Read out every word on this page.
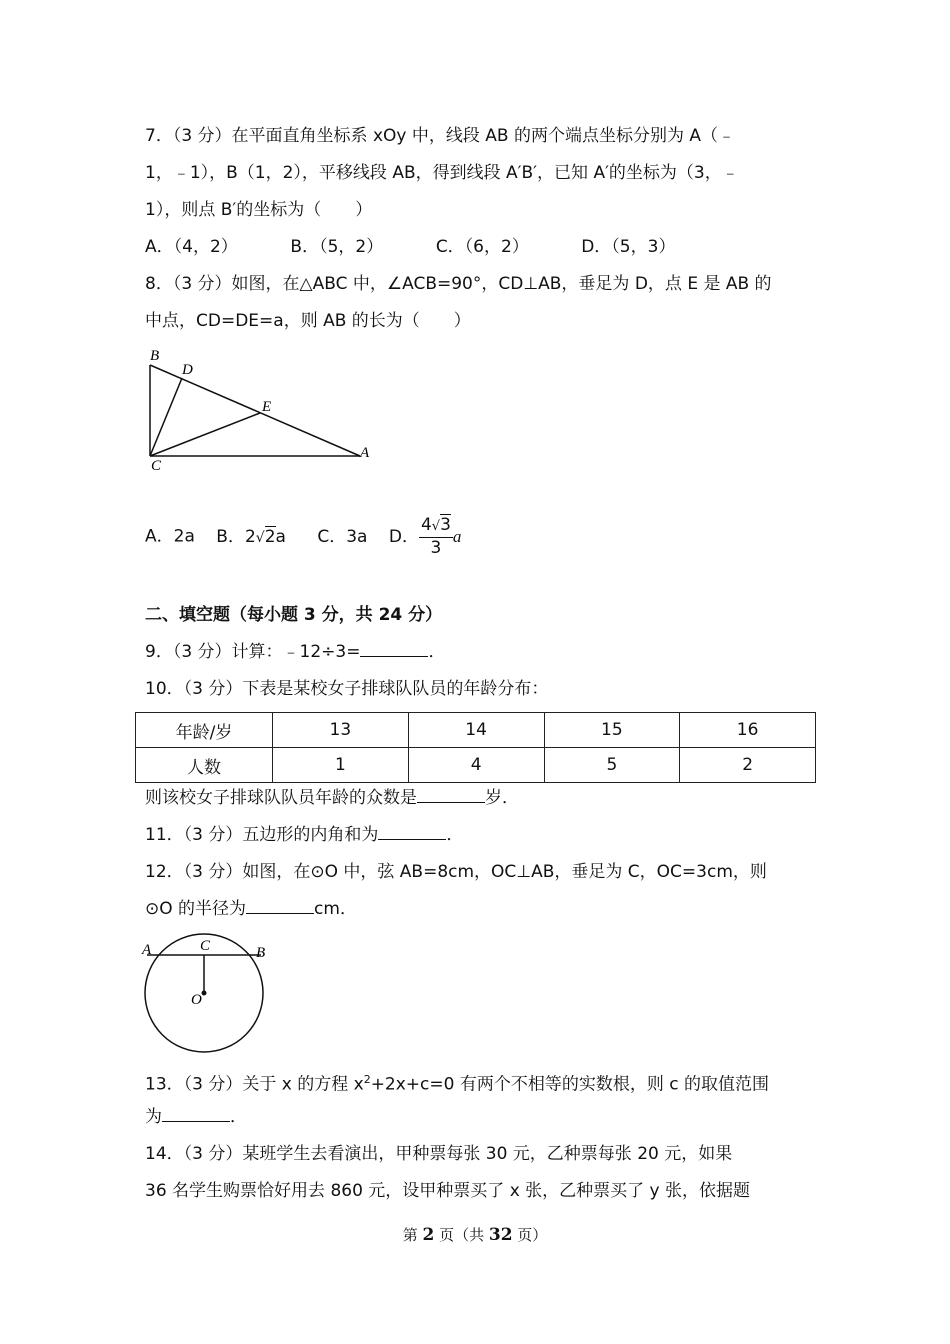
7．（3 分）在平面直角坐标系 xOy 中，线段 AB 的两个端点坐标分别为 A（﹣
1，﹣1），B（1，2），平移线段 AB，得到线段 A′B′，已知 A′的坐标为（3，﹣
1），则点 B′的坐标为（　　）
A．（4，2）	B．（5，2）	C．（6，2）	D．（5，3）
8．（3 分）如图，在△ABC 中，∠ACB=90°，CD⊥AB，垂足为 D，点 E 是 AB 的
中点，CD=DE=a，则 AB 的长为（　　）
B
D
E
C
A
A．2a B．2√2a C．3a D． $\frac{4√3}{3}$ a
二、填空题（每小题 3 分，共 24 分）
9．（3 分）计算：﹣12÷3=	．
10．（3 分）下表是某校女子排球队队员的年龄分布：
年龄/岁	13	14	15	16
人数	1	4	5	2
则该校女子排球队队员年龄的众数是	岁．
11．（3 分）五边形的内角和为	．
12．（3 分）如图，在⊙O 中，弦 AB=8cm，OC⊥AB，垂足为 C，OC=3cm，则
⊙O 的半径为	cm．
A	C	B
O
13．（3 分）关于 x 的方程 $x^2+2x+c=0$ 有两个不相等的实数根，则 c 的取值范围
为	．
14．（3 分）某班学生去看演出，甲种票每张 30 元，乙种票每张 20 元，如果
36 名学生购票恰好用去 860 元，设甲种票买了 x 张，乙种票买了 y 张，依据题
第 2 页（共 32 页）
